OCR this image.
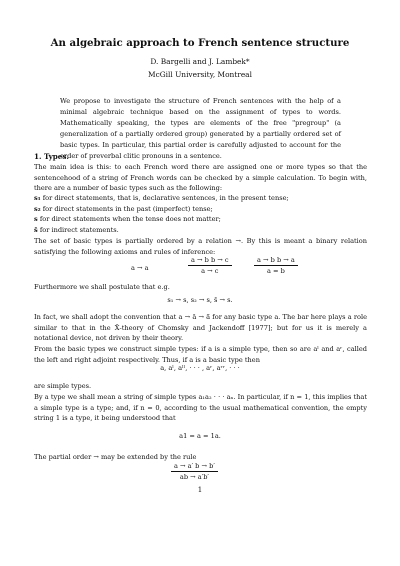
An algebraic approach to French sentence structure
D. Bargelli and J. Lambek*
McGill University, Montreal
We propose to investigate the structure of French sentences with the help of a minimal algebraic technique based on the assignment of types to words. Mathematically speaking, the types are elements of the free "pregroup" (a generalization of a partially ordered group) generated by a partially ordered set of basic types. In particular, this partial order is carefully adjusted to account for the order of preverbal clitic pronouns in a sentence.
1. Types.
The main idea is this: to each French word there are assigned one or more types so that the sentencehood of a string of French words can be checked by a simple calculation. To begin with, there are a number of basic types such as the following:
s₁ for direct statements, that is, declarative sentences, in the present tense;
s₂ for direct statements in the past (imperfect) tense;
s for direct statements when the tense does not matter;
s̄ for indirect statements.
The set of basic types is partially ordered by a relation →. By this is meant a binary relation satisfying the following axioms and rules of inference:
a → a
a → b b → c
a → c
a → b b → a
a = b
Furthermore we shall postulate that e.g.
s₁ → s, s₂ → s, s̄ → s.
In fact, we shall adopt the convention that a → ā → ā̄ for any basic type a. The bar here plays a role similar to that in the X̄-theory of Chomsky and Jackendoff [1977]; but for us it is merely a notational device, not driven by their theory.
From the basic types we construct simple types: if a is a simple type, then so are aˡ and aʳ, called the left and right adjoint respectively. Thus, if a is a basic type then
a, aˡ, aˡˡ, · · · , aʳ, aʳʳ, · · ·
are simple types.
By a type we shall mean a string of simple types a₁a₂ · · · aₙ. In particular, if n = 1, this implies that a simple type is a type; and, if n = 0, according to the usual mathematical convention, the empty string 1 is a type, it being understood that
a1 = a = 1a.
The partial order → may be extended by the rule
a → a′ b → b′
ab → a′b′
1
